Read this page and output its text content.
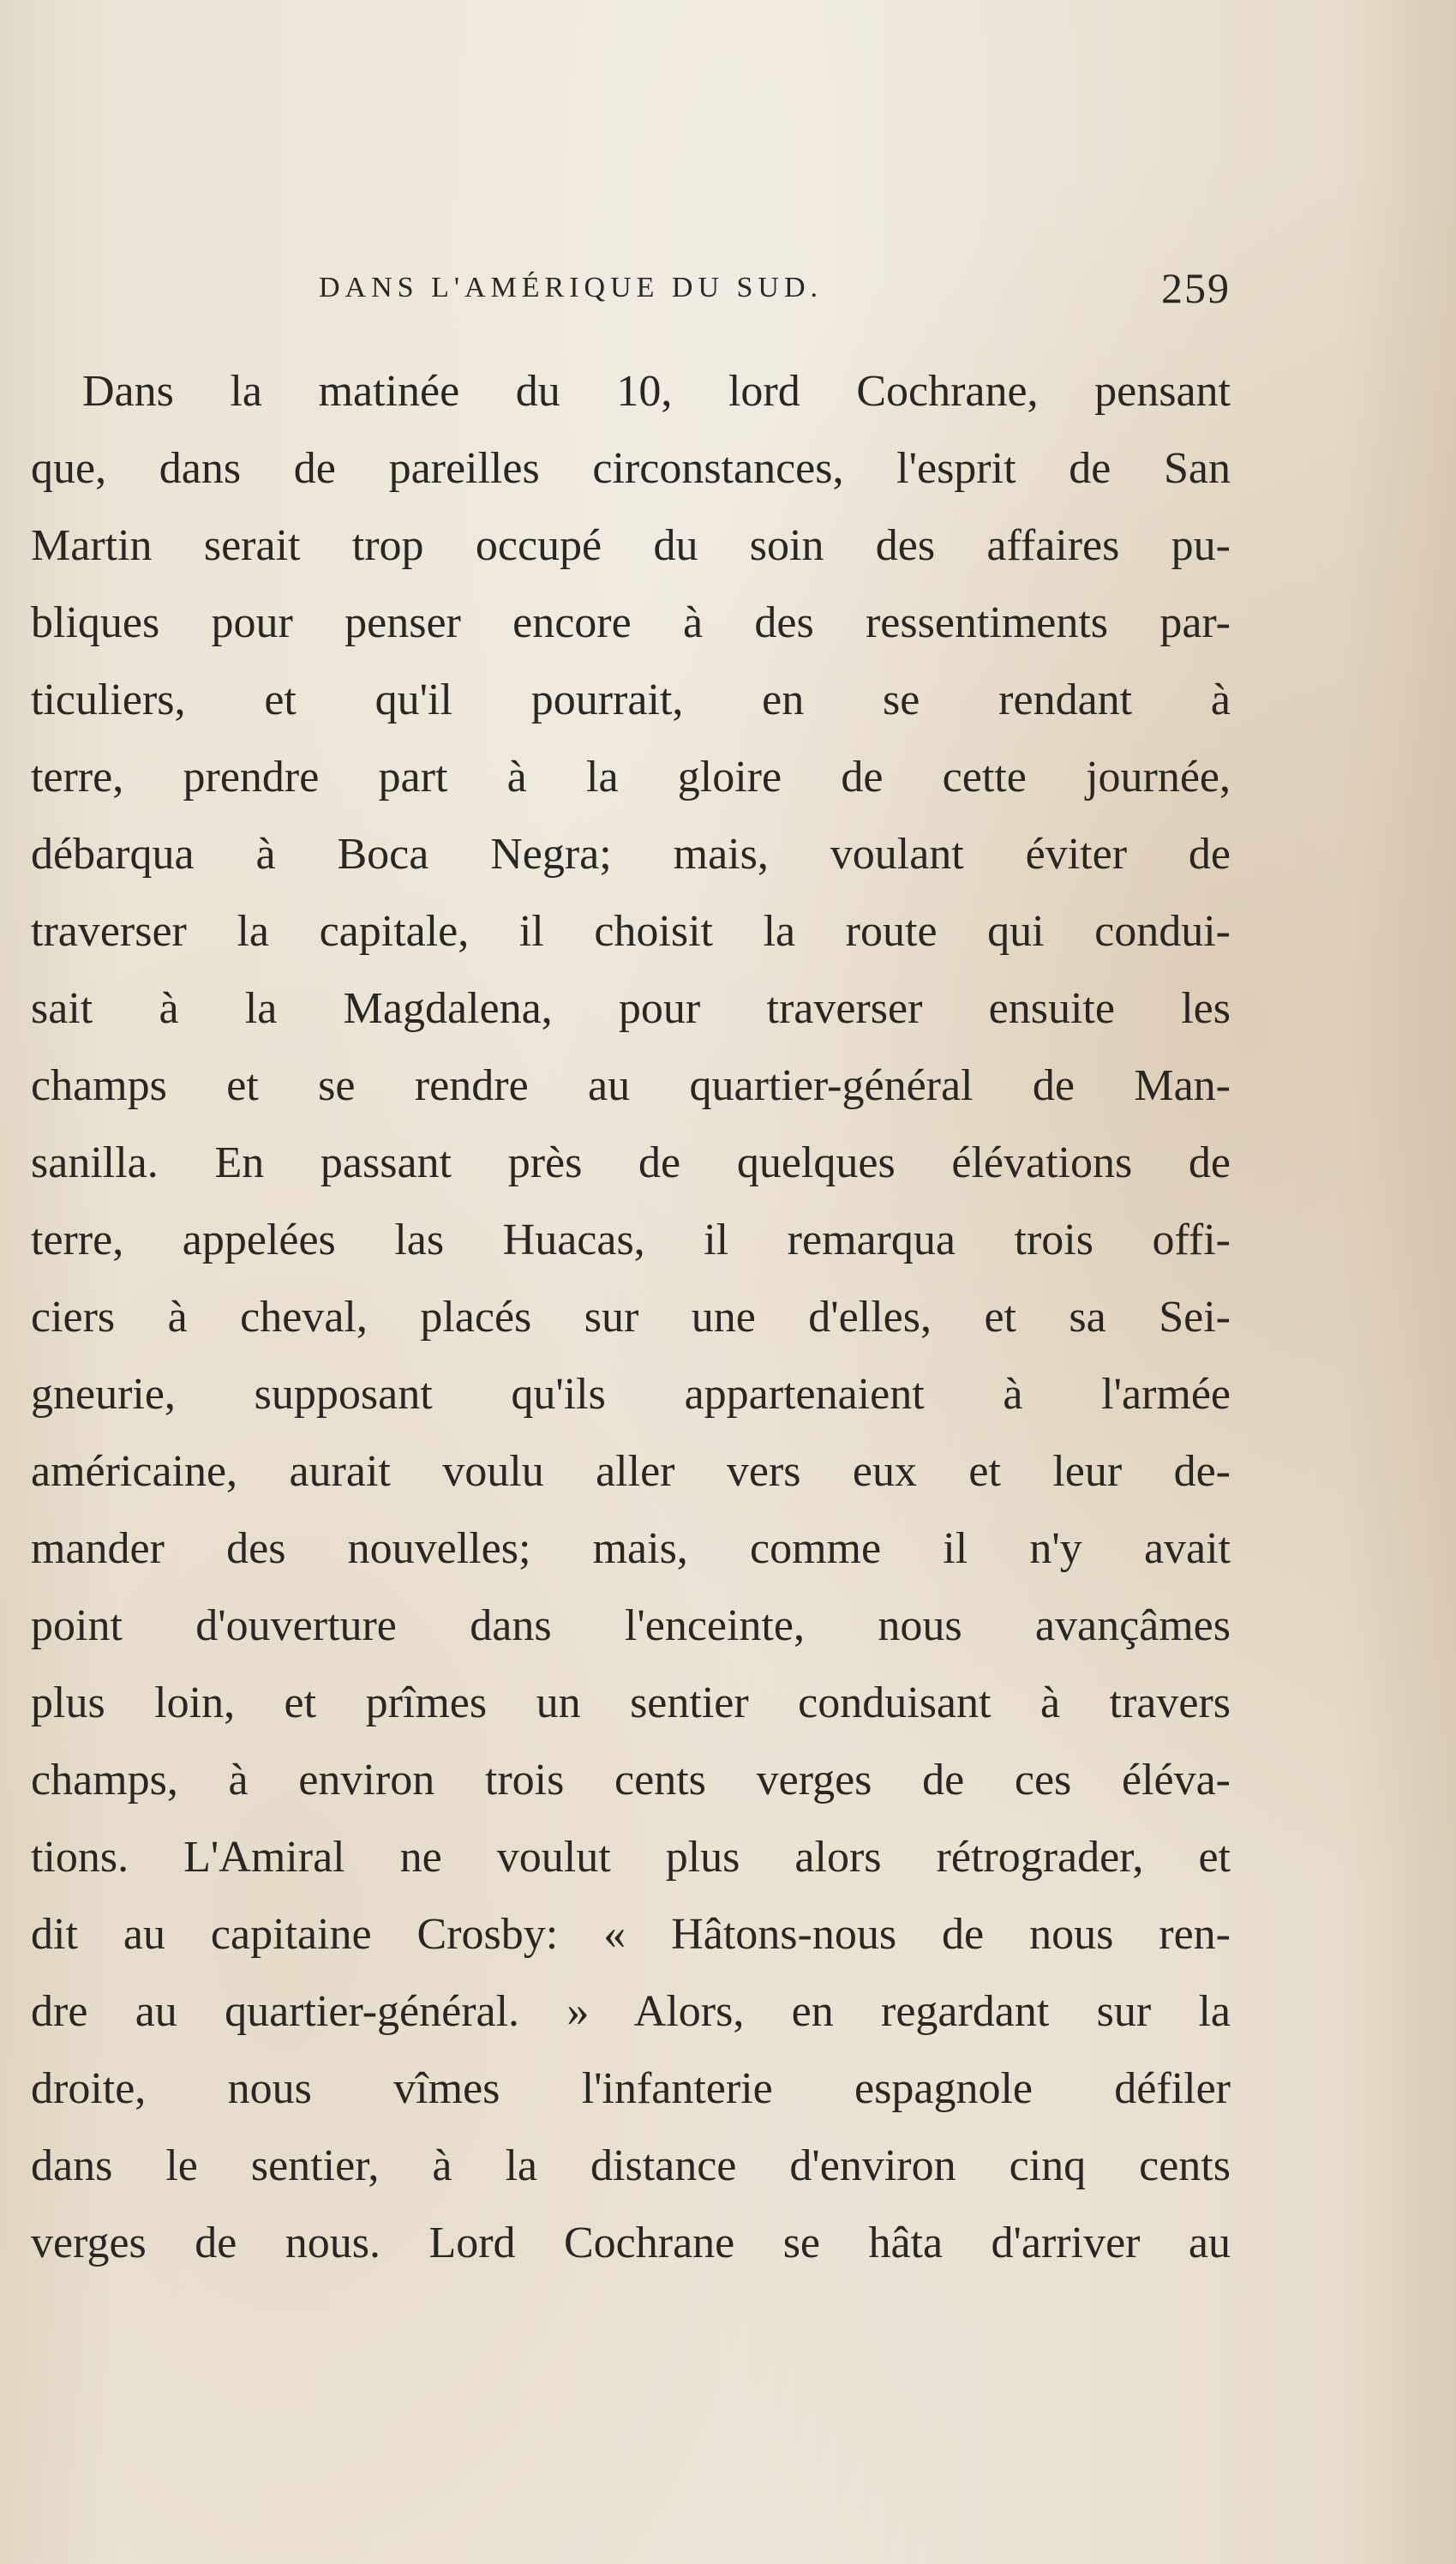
DANS L'AMÉRIQUE DU SUD.	259
Dans la matinée du 10, lord Cochrane, pensant
que, dans de pareilles circonstances, l'esprit de San
Martin serait trop occupé du soin des affaires pu-
bliques pour penser encore à des ressentiments par-
ticuliers, et qu'il pourrait, en se rendant à
terre, prendre part à la gloire de cette journée,
débarqua à Boca Negra; mais, voulant éviter de
traverser la capitale, il choisit la route qui condui-
sait à la Magdalena, pour traverser ensuite les
champs et se rendre au quartier-général de Man-
sanilla. En passant près de quelques élévations de
terre, appelées las Huacas, il remarqua trois offi-
ciers à cheval, placés sur une d'elles, et sa Sei-
gneurie, supposant qu'ils appartenaient à l'armée
américaine, aurait voulu aller vers eux et leur de-
mander des nouvelles; mais, comme il n'y avait
point d'ouverture dans l'enceinte, nous avançâmes
plus loin, et prîmes un sentier conduisant à travers
champs, à environ trois cents verges de ces éléva-
tions. L'Amiral ne voulut plus alors rétrograder, et
dit au capitaine Crosby: « Hâtons-nous de nous ren-
dre au quartier-général. » Alors, en regardant sur la
droite, nous vîmes l'infanterie espagnole défiler
dans le sentier, à la distance d'environ cinq cents
verges de nous. Lord Cochrane se hâta d'arriver au
